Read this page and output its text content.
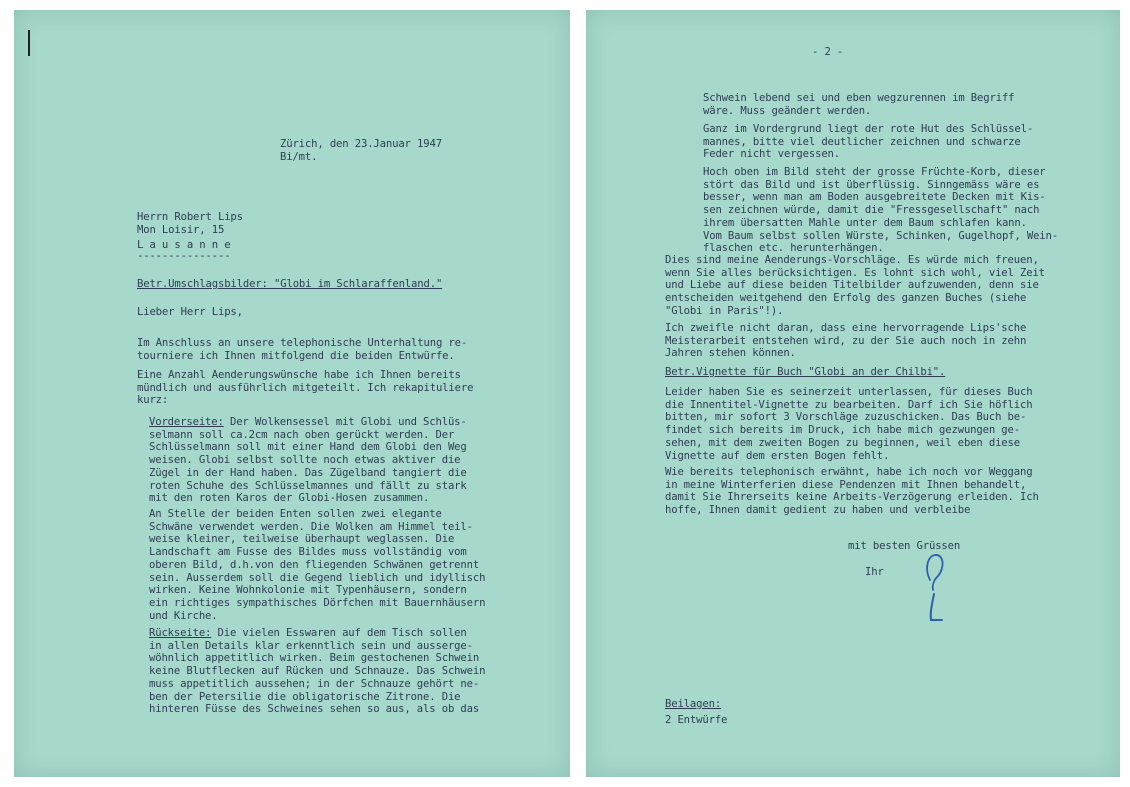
Zürich, den 23.Januar 1947

Bi/mt.

Herrn Robert Lips

Mon Loisir, 15

L a u s a n n e

---------------

Betr.Umschlagsbilder: "Globi im Schlaraffenland."

Lieber Herr Lips,

Im Anschluss an unsere telephonische Unterhaltung re-
tourniere ich Ihnen mitfolgend die beiden Entwürfe.

Eine Anzahl Aenderungswünsche habe ich Ihnen bereits
mündlich und ausführlich mitgeteilt. Ich rekapituliere
kurz:

Vorderseite: Der Wolkensessel mit Globi und Schlüs-
selmann soll ca.2cm nach oben gerückt werden. Der
Schlüsselmann soll mit einer Hand dem Globi den Weg
weisen. Globi selbst sollte noch etwas aktiver die
Zügel in der Hand haben. Das Zügelband tangiert die
roten Schuhe des Schlüsselmannes und fällt zu stark
mit den roten Karos der Globi-Hosen zusammen.

An Stelle der beiden Enten sollen zwei elegante
Schwäne verwendet werden. Die Wolken am Himmel teil-
weise kleiner, teilweise überhaupt weglassen. Die
Landschaft am Fusse des Bildes muss vollständig vom
oberen Bild, d.h.von den fliegenden Schwänen getrennt
sein. Ausserdem soll die Gegend lieblich und idyllisch
wirken. Keine Wohnkolonie mit Typenhäusern, sondern
ein richtiges sympathisches Dörfchen mit Bauernhäusern
und Kirche.

Rückseite: Die vielen Esswaren auf dem Tisch sollen
in allen Details klar erkenntlich sein und ausserge-
wöhnlich appetitlich wirken. Beim gestochenen Schwein
keine Blutflecken auf Rücken und Schnauze. Das Schwein
muss appetitlich aussehen; in der Schnauze gehört ne-
ben der Petersilie die obligatorische Zitrone. Die
hinteren Füsse des Schweines sehen so aus, als ob das

- 2 -

Schwein lebend sei und eben wegzurennen im Begriff
wäre. Muss geändert werden.

Ganz im Vordergrund liegt der rote Hut des Schlüssel-
mannes, bitte viel deutlicher zeichnen und schwarze
Feder nicht vergessen.

Hoch oben im Bild steht der grosse Früchte-Korb, dieser
stört das Bild und ist überflüssig. Sinngemäss wäre es
besser, wenn man am Boden ausgebreitete Decken mit Kis-
sen zeichnen würde, damit die "Fressgesellschaft" nach
ihrem übersatten Mahle unter dem Baum schlafen kann.
Vom Baum selbst sollen Würste, Schinken, Gugelhopf, Wein-
flaschen etc. herunterhängen.

Dies sind meine Aenderungs-Vorschläge. Es würde mich freuen,
wenn Sie alles berücksichtigen. Es lohnt sich wohl, viel Zeit
und Liebe auf diese beiden Titelbilder aufzuwenden, denn sie
entscheiden weitgehend den Erfolg des ganzen Buches (siehe
"Globi in Paris"!).

Ich zweifle nicht daran, dass eine hervorragende Lips'sche
Meisterarbeit entstehen wird, zu der Sie auch noch in zehn
Jahren stehen können.

Betr.Vignette für Buch "Globi an der Chilbi".

Leider haben Sie es seinerzeit unterlassen, für dieses Buch
die Innentitel-Vignette zu bearbeiten. Darf ich Sie höflich
bitten, mir sofort 3 Vorschläge zuzuschicken. Das Buch be-
findet sich bereits im Druck, ich habe mich gezwungen ge-
sehen, mit dem zweiten Bogen zu beginnen, weil eben diese
Vignette auf dem ersten Bogen fehlt.

Wie bereits telephonisch erwähnt, habe ich noch vor Weggang
in meine Winterferien diese Pendenzen mit Ihnen behandelt,
damit Sie Ihrerseits keine Arbeits-Verzögerung erleiden. Ich
hoffe, Ihnen damit gedient zu haben und verbleibe

mit besten Grüssen

Ihr

Beilagen:

2 Entwürfe
